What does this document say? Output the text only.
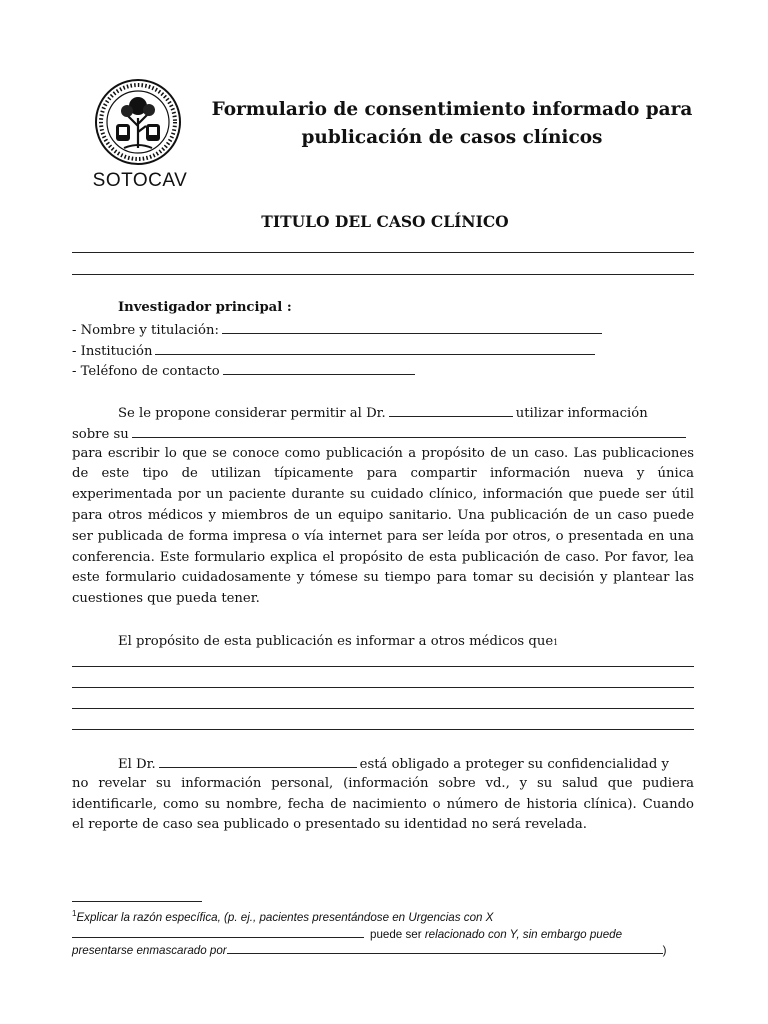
SOTOCAV
Formulario de consentimiento informado para
publicación de casos clínicos
TITULO DEL CASO CLÍNICO
Investigador principal :
- Nombre y titulación:
- Institución
- Teléfono de contacto
Se le propone considerar permitir al Dr.	utilizar información
sobre su
para escribir lo que se conoce como publicación a propósito de un caso. Las publicaciones
de este tipo de utilizan típicamente para compartir información nueva y única
experimentada por un paciente durante su cuidado clínico, información que puede ser útil
para otros médicos y miembros de un equipo sanitario. Una publicación de un caso puede
ser publicada de forma impresa o vía internet para ser leída por otros, o presentada en una
conferencia. Este formulario explica el propósito de esta publicación de caso. Por favor, lea
este formulario cuidadosamente y tómese su tiempo para tomar su decisión y plantear las
cuestiones que pueda tener.
El propósito de esta publicación es informar a otros médicos que 1
El Dr.	está obligado a proteger su confidencialidad y
no revelar su información personal, (información sobre vd., y su salud que pudiera
identificarle, como su nombre, fecha de nacimiento o número de historia clínica). Cuando
el reporte de caso sea publicado o presentado su identidad no será revelada.
$^1$Explicar la razón específica, (p. ej., pacientes presentándose en Urgencias con X
puede ser relacionado con Y, sin embargo puede
presentarse enmascarado por	)
